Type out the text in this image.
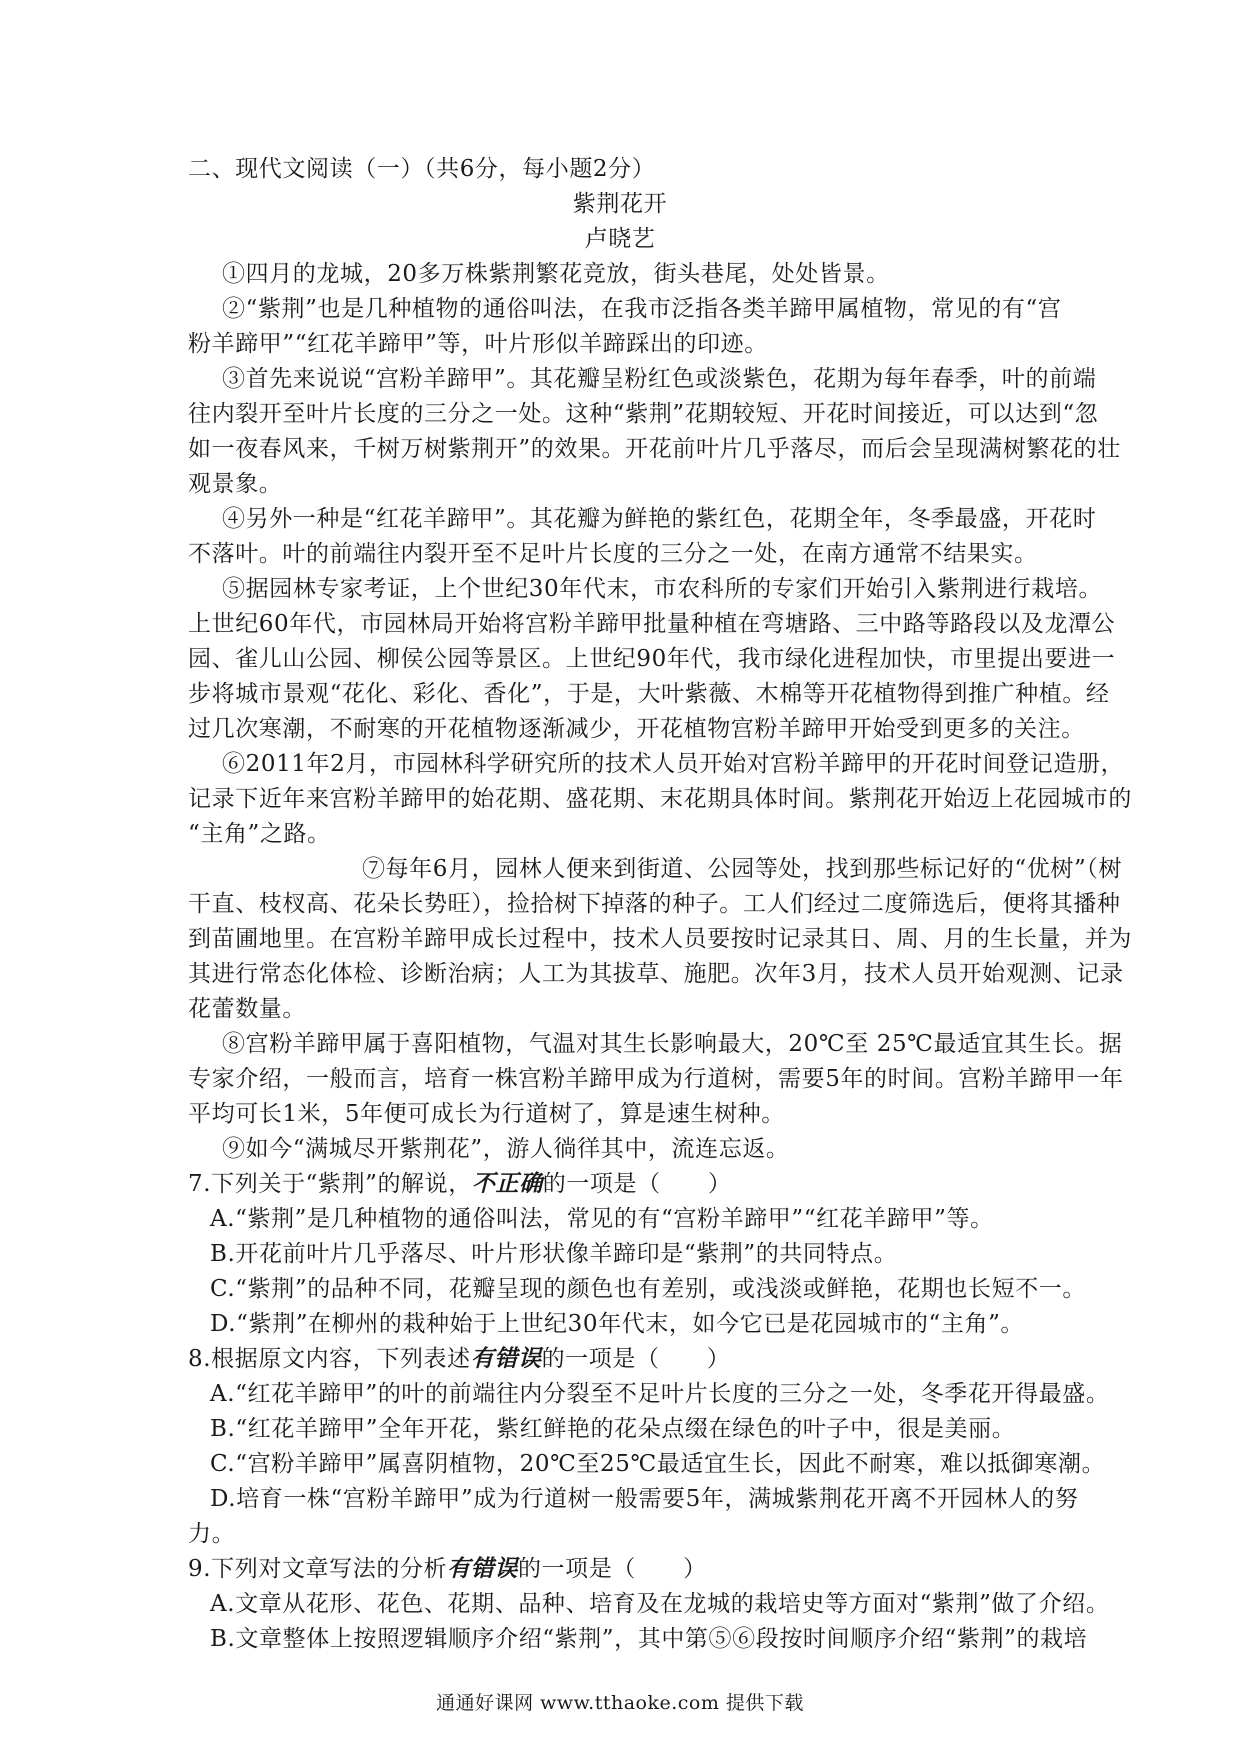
二、现代文阅读（一）（共6分，每小题2分）
紫荆花开
卢晓艺
①四月的龙城，20多万株紫荆繁花竞放，街头巷尾，处处皆景。
②“紫荆”也是几种植物的通俗叫法，在我市泛指各类羊蹄甲属植物，常见的有“宫
粉羊蹄甲”“红花羊蹄甲”等，叶片形似羊蹄踩出的印迹。
③首先来说说“宫粉羊蹄甲”。其花瓣呈粉红色或淡紫色，花期为每年春季，叶的前端
往内裂开至叶片长度的三分之一处。这种“紫荆”花期较短、开花时间接近，可以达到“忽
如一夜春风来，千树万树紫荆开”的效果。开花前叶片几乎落尽，而后会呈现满树繁花的壮
观景象。
④另外一种是“红花羊蹄甲”。其花瓣为鲜艳的紫红色，花期全年，冬季最盛，开花时
不落叶。叶的前端往内裂开至不足叶片长度的三分之一处，在南方通常不结果实。
⑤据园林专家考证，上个世纪30年代末，市农科所的专家们开始引入紫荆进行栽培。
上世纪60年代，市园林局开始将宫粉羊蹄甲批量种植在弯塘路、三中路等路段以及龙潭公
园、雀儿山公园、柳侯公园等景区。上世纪90年代，我市绿化进程加快，市里提出要进一
步将城市景观“花化、彩化、香化”，于是，大叶紫薇、木棉等开花植物得到推广种植。经
过几次寒潮，不耐寒的开花植物逐渐减少，开花植物宫粉羊蹄甲开始受到更多的关注。
⑥2011年2月，市园林科学研究所的技术人员开始对宫粉羊蹄甲的开花时间登记造册，
记录下近年来宫粉羊蹄甲的始花期、盛花期、末花期具体时间。紫荆花开始迈上花园城市的
“主角”之路。
⑦每年6月，园林人便来到街道、公园等处，找到那些标记好的“优树”（树
干直、枝杈高、花朵长势旺），捡拾树下掉落的种子。工人们经过二度筛选后，便将其播种
到苗圃地里。在宫粉羊蹄甲成长过程中，技术人员要按时记录其日、周、月的生长量，并为
其进行常态化体检、诊断治病；人工为其拔草、施肥。次年3月，技术人员开始观测、记录
花蕾数量。
⑧宫粉羊蹄甲属于喜阳植物，气温对其生长影响最大，20℃至 25℃最适宜其生长。据
专家介绍，一般而言，培育一株宫粉羊蹄甲成为行道树，需要5年的时间。宫粉羊蹄甲一年
平均可长1米，5年便可成长为行道树了，算是速生树种。
⑨如今“满城尽开紫荆花”，游人徜徉其中，流连忘返。
7.下列关于“紫荆”的解说，不正确的一项是（　　）
A.“紫荆”是几种植物的通俗叫法，常见的有“宫粉羊蹄甲”“红花羊蹄甲”等。
B.开花前叶片几乎落尽、叶片形状像羊蹄印是“紫荆”的共同特点。
C.“紫荆”的品种不同，花瓣呈现的颜色也有差别，或浅淡或鲜艳，花期也长短不一。
D.“紫荆”在柳州的栽种始于上世纪30年代末，如今它已是花园城市的“主角”。
8.根据原文内容，下列表述有错误的一项是（　　）
A.“红花羊蹄甲”的叶的前端往内分裂至不足叶片长度的三分之一处，冬季花开得最盛。
B.“红花羊蹄甲”全年开花，紫红鲜艳的花朵点缀在绿色的叶子中，很是美丽。
C.“宫粉羊蹄甲”属喜阴植物，20℃至25℃最适宜生长，因此不耐寒，难以抵御寒潮。
D.培育一株“宫粉羊蹄甲”成为行道树一般需要5年，满城紫荆花开离不开园林人的努
力。
9.下列对文章写法的分析有错误的一项是（　　）
A.文章从花形、花色、花期、品种、培育及在龙城的栽培史等方面对“紫荆”做了介绍。
B.文章整体上按照逻辑顺序介绍“紫荆”，其中第⑤⑥段按时间顺序介绍“紫荆”的栽培
通通好课网 www.tthaoke.com 提供下载
